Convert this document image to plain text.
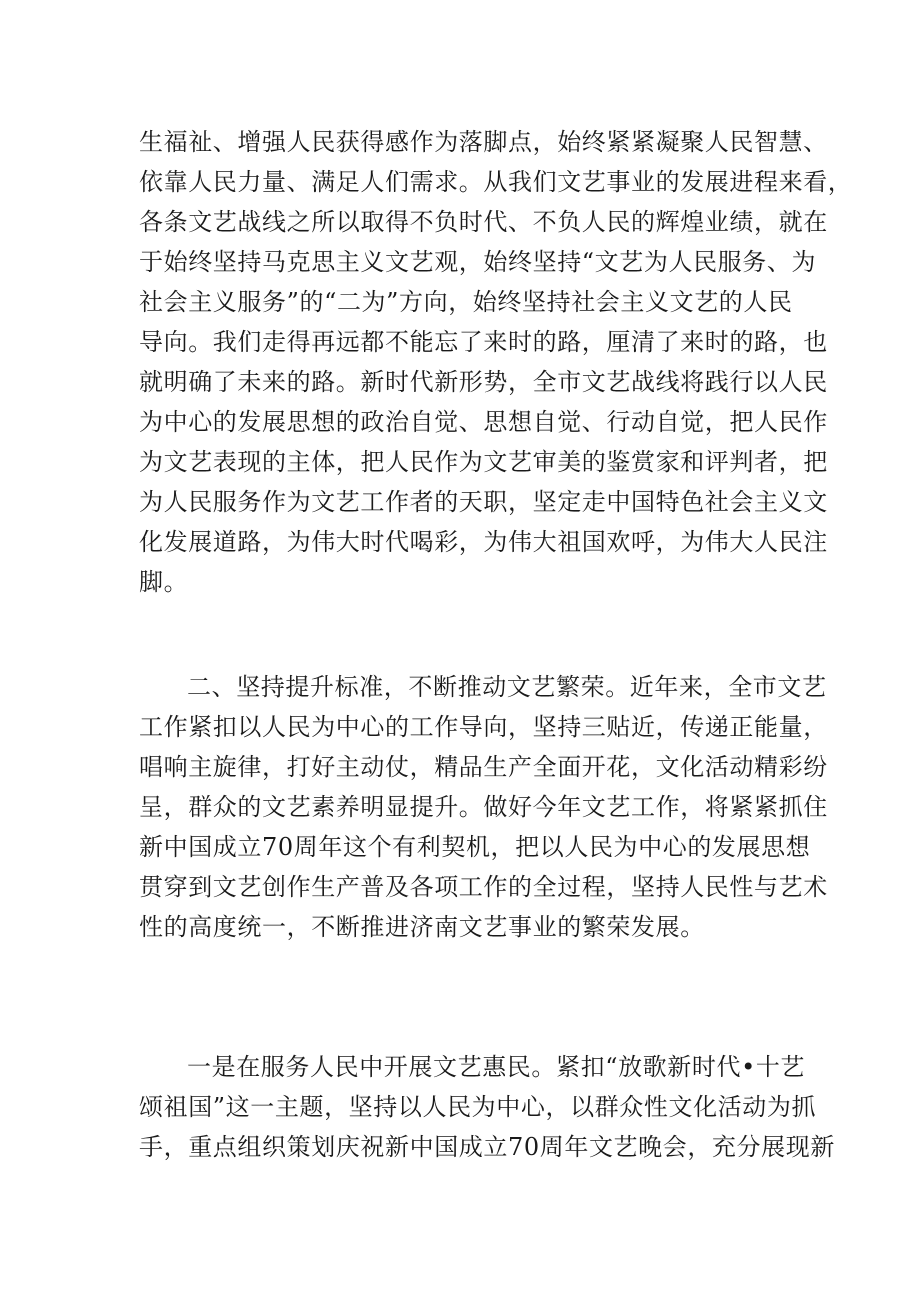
生福祉、增强人民获得感作为落脚点，始终紧紧凝聚人民智慧、
依靠人民力量、满足人们需求。从我们文艺事业的发展进程来看，
各条文艺战线之所以取得不负时代、不负人民的辉煌业绩，就在
于始终坚持马克思主义文艺观，始终坚持“文艺为人民服务、为
社会主义服务”的“二为”方向，始终坚持社会主义文艺的人民
导向。我们走得再远都不能忘了来时的路，厘清了来时的路，也
就明确了未来的路。新时代新形势，全市文艺战线将践行以人民
为中心的发展思想的政治自觉、思想自觉、行动自觉，把人民作
为文艺表现的主体，把人民作为文艺审美的鉴赏家和评判者，把
为人民服务作为文艺工作者的天职，坚定走中国特色社会主义文
化发展道路，为伟大时代喝彩，为伟大祖国欢呼，为伟大人民注
脚。
二、坚持提升标准，不断推动文艺繁荣。近年来，全市文艺
工作紧扣以人民为中心的工作导向，坚持三贴近，传递正能量，
唱响主旋律，打好主动仗，精品生产全面开花，文化活动精彩纷
呈，群众的文艺素养明显提升。做好今年文艺工作，将紧紧抓住
新中国成立70周年这个有利契机，把以人民为中心的发展思想
贯穿到文艺创作生产普及各项工作的全过程，坚持人民性与艺术
性的高度统一，不断推进济南文艺事业的繁荣发展。
一是在服务人民中开展文艺惠民。紧扣“放歌新时代•十艺
颂祖国”这一主题，坚持以人民为中心，以群众性文化活动为抓
手，重点组织策划庆祝新中国成立70周年文艺晚会，充分展现新
